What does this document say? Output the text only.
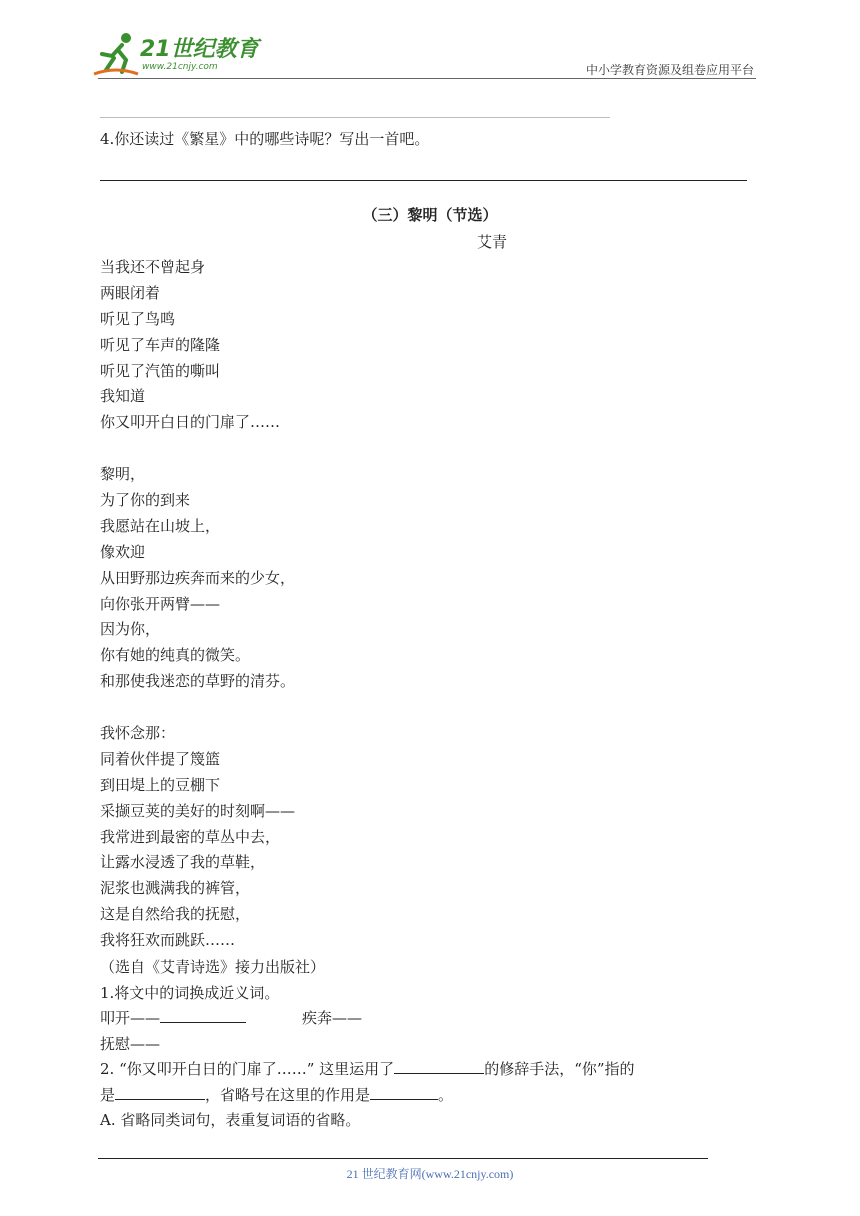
21世纪教育
www.21cnjy.com	中小学教育资源及组卷应用平台
4.你还读过《繁星》中的哪些诗呢？写出一首吧。
（三）黎明（节选）
艾青
当我还不曾起身
两眼闭着
听见了鸟鸣
听见了车声的隆隆
听见了汽笛的嘶叫
我知道
你又叩开白日的门扉了……
黎明，
为了你的到来
我愿站在山坡上，
像欢迎
从田野那边疾奔而来的少女，
向你张开两臂——
因为你，
你有她的纯真的微笑。
和那使我迷恋的草野的清芬。
我怀念那：
同着伙伴提了篾篮
到田堤上的豆棚下
采撷豆荚的美好的时刻啊——
我常进到最密的草丛中去，
让露水浸透了我的草鞋，
泥浆也溅满我的裤管，
这是自然给我的抚慰，
我将狂欢而跳跃……
（选自《艾青诗选》接力出版社）
1.将文中的词换成近义词。
叩开——	疾奔——
抚慰——
2. “你又叩开白日的门扉了……” 这里运用了	的修辞手法，“你”指的
是	，省略号在这里的作用是	。
A. 省略同类词句，表重复词语的省略。
21 世纪教育网(www.21cnjy.com)
